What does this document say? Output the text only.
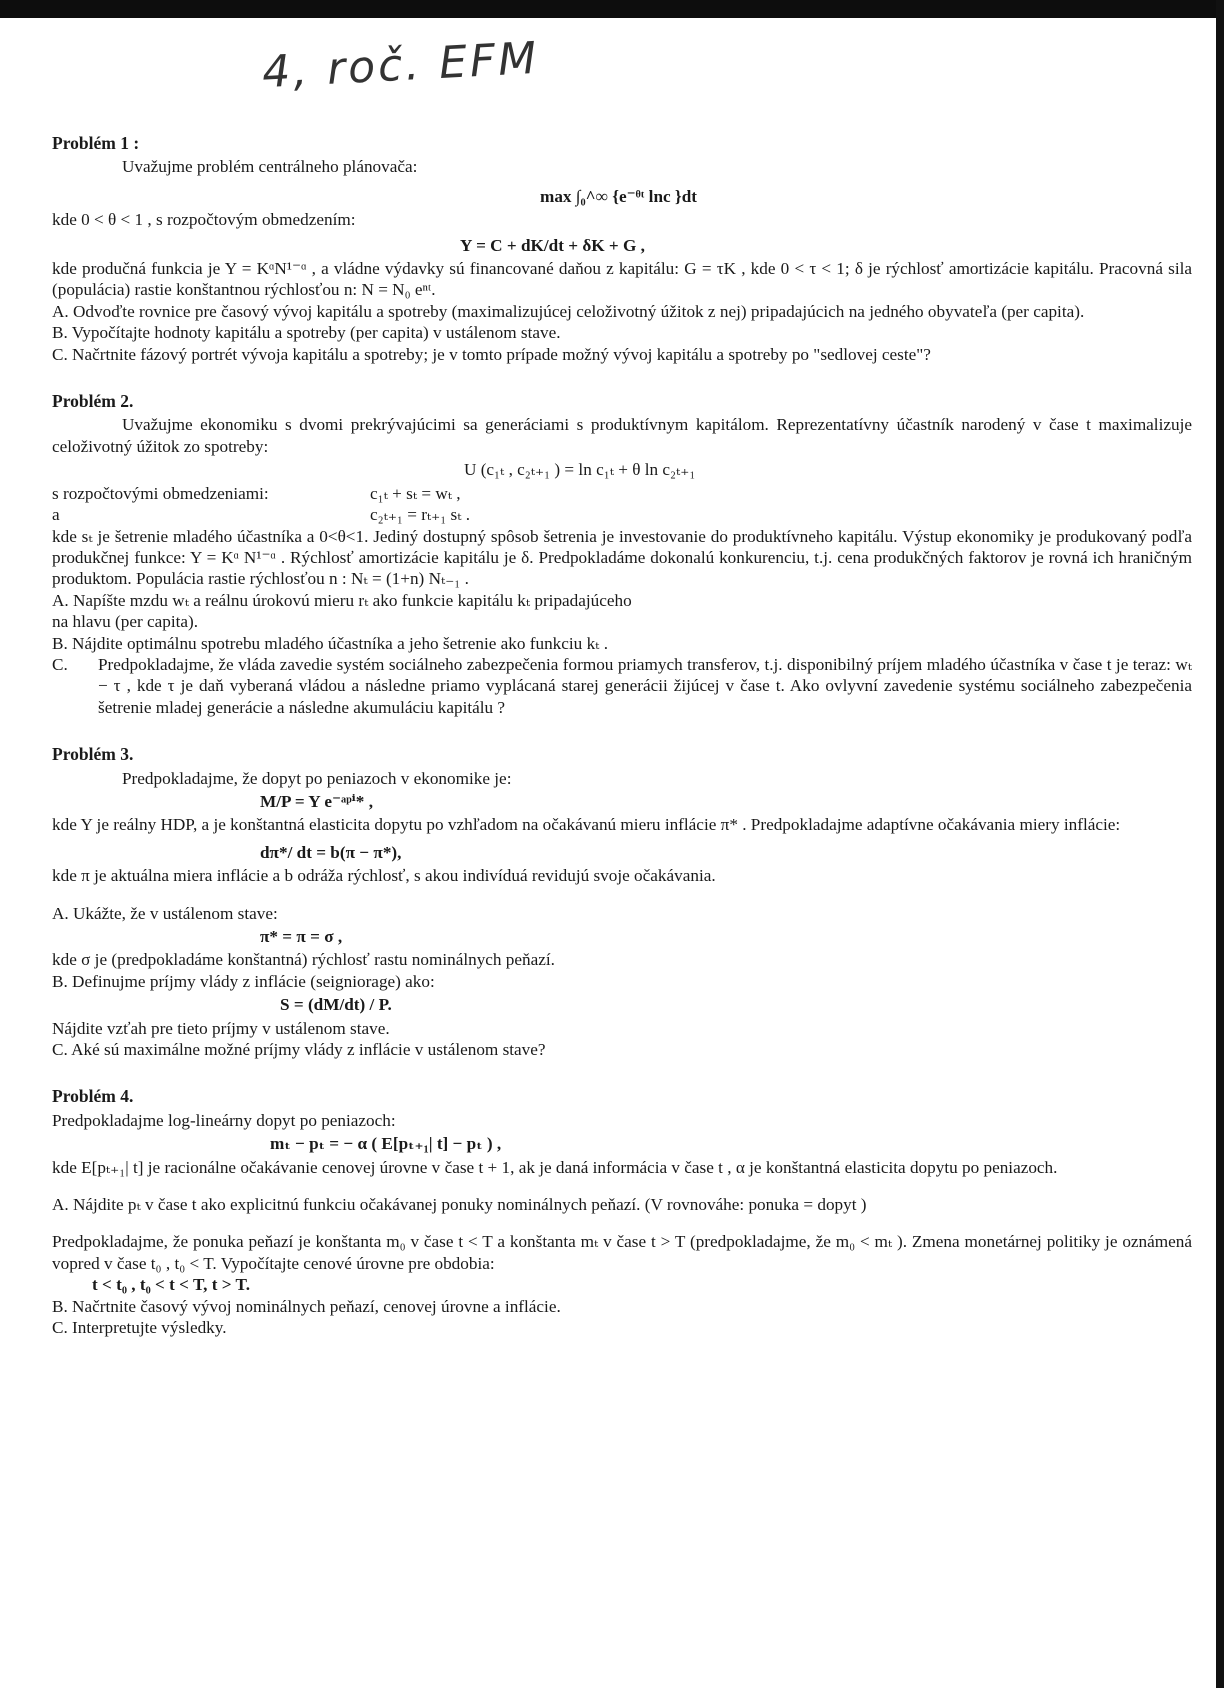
4, roč. EFM
Problém 1 :
Uvažujme problém centrálneho plánovača:
max ∫₀^∞ {e⁻ᶿᵗ lnc }dt
kde 0 < θ < 1 , s rozpočtovým obmedzením:
Y = C + dK/dt + δK + G ,
kde produčná funkcia je Y = KᵅN¹⁻ᵅ , a vládne výdavky sú financované daňou z kapitálu: G = τK , kde 0 < τ < 1; δ je rýchlosť amortizácie kapitálu. Pracovná sila (populácia) rastie konštantnou rýchlosťou n: N = N₀ eⁿᵗ.
A. Odvoďte rovnice pre časový vývoj kapitálu a spotreby (maximalizujúcej celoživotný úžitok z nej) pripadajúcich na jedného obyvateľa (per capita).
B. Vypočítajte hodnoty kapitálu a spotreby (per capita) v ustálenom stave.
C. Načrtnite fázový portrét vývoja kapitálu a spotreby; je v tomto prípade možný vývoj kapitálu a spotreby po "sedlovej ceste"?
Problém 2.
Uvažujme ekonomiku s dvomi prekrývajúcimi sa generáciami s produktívnym kapitálom. Reprezentatívny účastník narodený v čase t maximalizuje celoživotný úžitok zo spotreby:
U (c₁ₜ , c₂ₜ₊₁ ) = ln c₁ₜ + θ ln c₂ₜ₊₁
s rozpočtovými obmedzeniami:	c₁ₜ + sₜ = wₜ ,
a	c₂ₜ₊₁ = rₜ₊₁ sₜ .
kde sₜ je šetrenie mladého účastníka a 0<θ<1. Jediný dostupný spôsob šetrenia je investovanie do produktívneho kapitálu. Výstup ekonomiky je produkovaný podľa produkčnej funkce: Y = Kᵅ N¹⁻ᵅ . Rýchlosť amortizácie kapitálu je δ. Predpokladáme dokonalú konkurenciu, t.j. cena produkčných faktorov je rovná ich hraničným produktom. Populácia rastie rýchlosťou n : Nₜ = (1+n) Nₜ₋₁ .
A. Napíšte mzdu wₜ a reálnu úrokovú mieru rₜ ako funkcie kapitálu kₜ pripadajúceho
na hlavu (per capita).
B. Nájdite optimálnu spotrebu mladého účastníka a jeho šetrenie ako funkciu kₜ .
C.	Predpokladajme, že vláda zavedie systém sociálneho zabezpečenia formou priamych transferov, t.j. disponibilný príjem mladého účastníka v čase t je teraz: wₜ − τ , kde τ je daň vyberaná vládou a následne priamo vyplácaná starej generácii žijúcej v čase t. Ako ovlyvní zavedenie systému sociálneho zabezpečenia šetrenie mladej generácie a následne akumuláciu kapitálu ?
Problém 3.
Predpokladajme, že dopyt po peniazoch v ekonomike je:
M/P = Y e⁻ᵃᵖⁱ* ,
kde Y je reálny HDP, a je konštantná elasticita dopytu po vzhľadom na očakávanú mieru inflácie π* . Predpokladajme adaptívne očakávania miery inflácie:
dπ*/ dt = b(π − π*),
kde π je aktuálna miera inflácie a b odráža rýchlosť, s akou indivíduá revidujú svoje očakávania.
A. Ukážte, že v ustálenom stave:
π* = π = σ ,
kde σ je (predpokladáme konštantná) rýchlosť rastu nominálnych peňazí.
B. Definujme príjmy vlády z inflácie (seigniorage) ako:
S = (dM/dt) / P.
Nájdite vzťah pre tieto príjmy v ustálenom stave.
C. Aké sú maximálne možné príjmy vlády z inflácie v ustálenom stave?
Problém 4.
Predpokladajme log-lineárny dopyt po peniazoch:
mₜ − pₜ = − α ( E[pₜ₊₁| t] − pₜ ) ,
kde E[pₜ₊₁| t] je racionálne očakávanie cenovej úrovne v čase t + 1, ak je daná informácia v čase t , α je konštantná elasticita dopytu po peniazoch.
A. Nájdite pₜ v čase t ako explicitnú funkciu očakávanej ponuky nominálnych peňazí. (V rovnováhe: ponuka = dopyt )
Predpokladajme, že ponuka peňazí je konštanta m₀ v čase t < T a konštanta mₜ v čase t > T (predpokladajme, že m₀ < mₜ ). Zmena monetárnej politiky je oznámená vopred v čase t₀ , t₀ < T. Vypočítajte cenové úrovne pre obdobia:
t < t₀ , t₀ < t < T, t > T.
B. Načrtnite časový vývoj nominálnych peňazí, cenovej úrovne a inflácie.
C. Interpretujte výsledky.
